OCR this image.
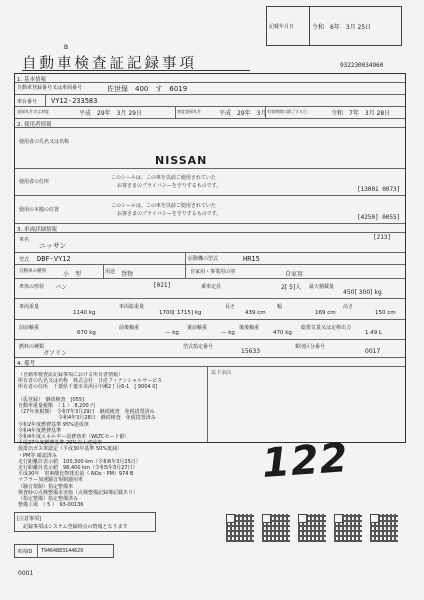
記載年月日	令和　6年　3月 25日
932230034960
B
自動車検査証記録事項
1. 基本情報
自動車登録番号又は車両番号	佐世保　400　す　6019
車台番号 VY12-233583
登録年月又は初度	平成　29年　3月 29日	初度登録年月	平成　29年　3月 有効期間の満了する日	令和　7年　3月 28日
2. 使用者情報
使用者の氏名又は名称
NISSAN
使用者の住所
このシールは、この車を以前ご使用されていた
お客さまのプライバシーを守りするものです。	[13001 0073]
使用の本拠の位置
このシールは、この車を以前ご使用されていた
お客さまのプライバシーを守りするものです。	[4250] 0055]
3. 車両詳細情報
車名
ニッサン
[213]
型式 DBF-VY12	原動機の型式	HR15
自動車の種別	小　型	用途 貨物	自家用・事業用の別	自家用
車体の形状 バン	[021]	乗車定員	2[ 5]人 最大積載量
450[ 300] kg
車両重量
1140 kg
車両総重量
1700[ 1715] kg
長さ
439 cm
幅
169 cm
高さ
150 cm
前前軸重
670 kg
前後軸重
— kg
後前軸重
— kg
後後軸重
470 kg
総排気量又は定格出力
1.49 L
燃料の種類
ガソリン
型式指定番号
15633
類別区分番号
0017
4. 備考
以下余白
（自動車検査証記録事項における所有者情報）
所有者の氏名又は名称　株式会社　日産フィナンシャルサービス
所有者の住所　千葉県千葉市美浜区中瀬2丁目6-1　[ 9004 0]

（仮登録）　継続検査　[055]
自動車重量税額　（ 1 ）　8,200 円
（27年度税額）　令和7年3月29日　継続検査　免税措置済み
　　　　　　　　令和4年3月28日　継続検査　免税措置済み
令和2年度燃費基準 95%達成車
令和4年度燃費基準
令和4年度エネルギー消費効率（WLTCモード値）
平成27年度燃費基準 20%以上達成車
低排出ガス車認定（平成30年基準 50%低減）
・PM等 確認済み
走行距離計表示値　100,300 km（令和6年3月25日）
走行距離計表示値　98,400 km（令和5年3月27日）
平成30年　窒素酸化物排出量（ NOx・PM）974 B
マフラー加速騒音規制適用車
（騒音規制）指定整備車
検査時の点検整備未実施（点検整備記録簿記載あり）
（指定整備）指定整備済み
整備工場　（ 5 ）　93-00136
122
[注意事項]
記録事項はシステム登録時点の情報となります
車両ID T9464883144629
0001
